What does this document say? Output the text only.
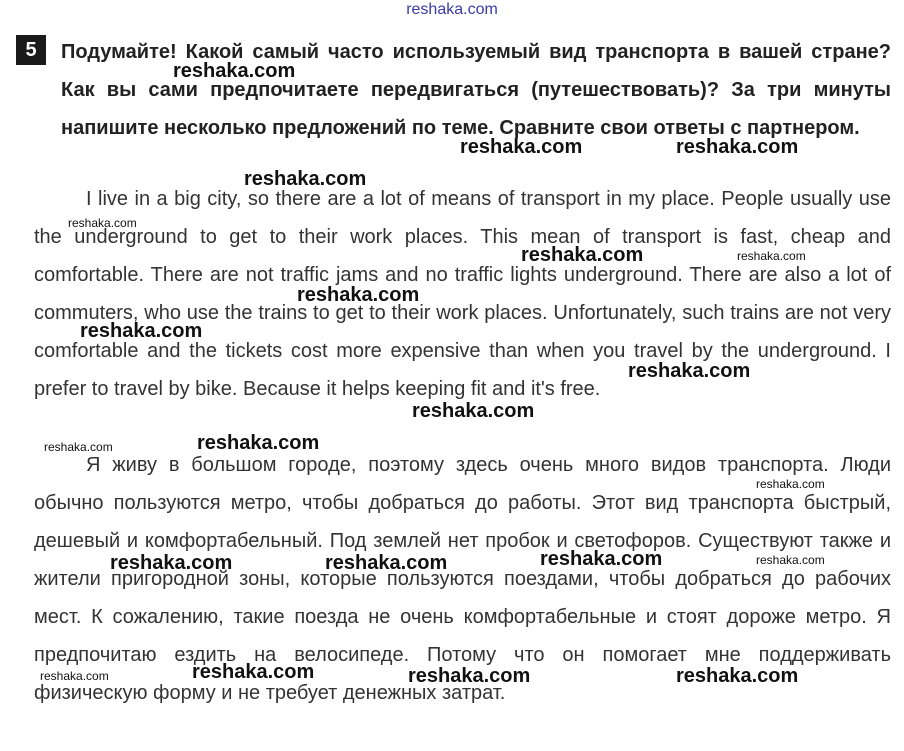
reshaka.com
5	Подумайте! Какой самый часто используемый вид транспорта в вашей стране? Как вы сами предпочитаете передвигаться (путешествовать)? За три минуты напишите несколько предложений по теме. Сравните свои ответы с партнером.

I live in a big city, so there are a lot of means of transport in my place. People usually use the underground to get to their work places. This mean of transport is fast, cheap and comfortable. There are not traffic jams and no traffic lights underground. There are also a lot of commuters, who use the trains to get to their work places. Unfortunately, such trains are not very comfortable and the tickets cost more expensive than when you travel by the underground. I prefer to travel by bike. Because it helps keeping fit and it's free.

Я живу в большом городе, поэтому здесь очень много видов транспорта. Люди обычно пользуются метро, чтобы добраться до работы. Этот вид транспорта быстрый, дешевый и комфортабельный. Под землей нет пробок и светофоров. Существуют также и жители пригородной зоны, которые пользуются поездами, чтобы добраться до рабочих мест. К сожалению, такие поезда не очень комфортабельные и стоят дороже метро. Я предпочитаю ездить на велосипеде. Потому что он помогает мне поддерживать физическую форму и не требует денежных затрат.

reshaka.com
reshaka.com	reshaka.com
reshaka.com
reshaka.com
reshaka.com	reshaka.com
reshaka.com
reshaka.com
reshaka.com
reshaka.com
reshaka.com	reshaka.com
reshaka.com
reshaka.com	reshaka.com	reshaka.com	reshaka.com
reshaka.com	reshaka.com	reshaka.com	reshaka.com
